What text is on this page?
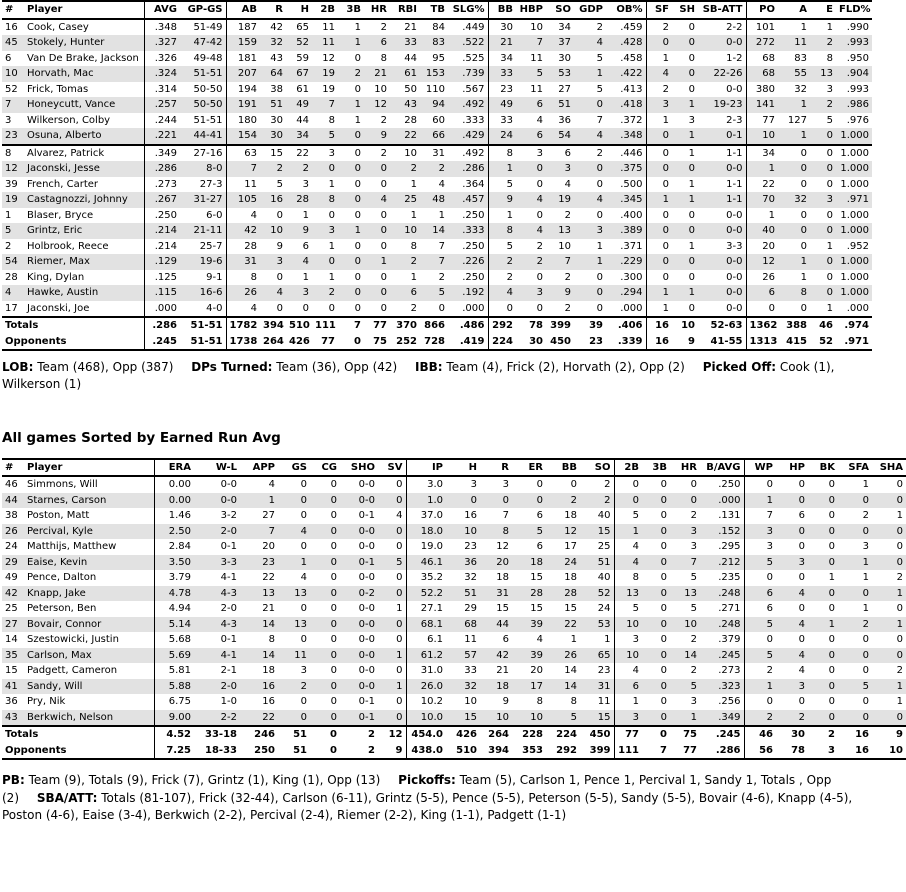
#	Player	AVG	GP-GS	AB	R	H	2B	3B	HR	RBI	TB	SLG%	BB	HBP	SO	GDP	OB%	SF	SH	SB-ATT	PO	A	E	FLD%
16	Cook, Casey	.348	51-49	187	42	65	11	1	2	21	84	.449	30	10	34	2	.459	2	0	2-2	101	1	1	.990
45	Stokely, Hunter	.327	47-42	159	32	52	11	1	6	33	83	.522	21	7	37	4	.428	0	0	0-0	272	11	2	.993
6	Van De Brake, Jackson	.326	49-48	181	43	59	12	0	8	44	95	.525	34	11	30	5	.458	1	0	1-2	68	83	8	.950
10	Horvath, Mac	.324	51-51	207	64	67	19	2	21	61	153	.739	33	5	53	1	.422	4	0	22-26	68	55	13	.904
52	Frick, Tomas	.314	50-50	194	38	61	19	0	10	50	110	.567	23	11	27	5	.413	2	0	0-0	380	32	3	.993
7	Honeycutt, Vance	.257	50-50	191	51	49	7	1	12	43	94	.492	49	6	51	0	.418	3	1	19-23	141	1	2	.986
3	Wilkerson, Colby	.244	51-51	180	30	44	8	1	2	28	60	.333	33	4	36	7	.372	1	3	2-3	77	127	5	.976
23	Osuna, Alberto	.221	44-41	154	30	34	5	0	9	22	66	.429	24	6	54	4	.348	0	1	0-1	10	1	0	1.000
8	Alvarez, Patrick	.349	27-16	63	15	22	3	0	2	10	31	.492	8	3	6	2	.446	0	1	1-1	34	0	0	1.000
12	Jaconski, Jesse	.286	8-0	7	2	2	0	0	0	2	2	.286	1	0	3	0	.375	0	0	0-0	1	0	0	1.000
39	French, Carter	.273	27-3	11	5	3	1	0	0	1	4	.364	5	0	4	0	.500	0	1	1-1	22	0	0	1.000
19	Castagnozzi, Johnny	.267	31-27	105	16	28	8	0	4	25	48	.457	9	4	19	4	.345	1	1	1-1	70	32	3	.971
1	Blaser, Bryce	.250	6-0	4	0	1	0	0	0	1	1	.250	1	0	2	0	.400	0	0	0-0	1	0	0	1.000
5	Grintz, Eric	.214	21-11	42	10	9	3	1	0	10	14	.333	8	4	13	3	.389	0	0	0-0	40	0	0	1.000
2	Holbrook, Reece	.214	25-7	28	9	6	1	0	0	8	7	.250	5	2	10	1	.371	0	1	3-3	20	0	1	.952
54	Riemer, Max	.129	19-6	31	3	4	0	0	1	2	7	.226	2	2	7	1	.229	0	0	0-0	12	1	0	1.000
28	King, Dylan	.125	9-1	8	0	1	1	0	0	1	2	.250	2	0	2	0	.300	0	0	0-0	26	1	0	1.000
4	Hawke, Austin	.115	16-6	26	4	3	2	0	0	6	5	.192	4	3	9	0	.294	1	1	0-0	6	8	0	1.000
17	Jaconski, Joe	.000	4-0	4	0	0	0	0	0	2	0	.000	0	0	2	0	.000	1	0	0-0	0	0	1	.000
Totals		.286	51-51	1782	394	510	111	7	77	370	866	.486	292	78	399	39	.406	16	10	52-63	1362	388	46	.974
Opponents		.245	51-51	1738	264	426	77	0	75	252	728	.419	224	30	450	23	.339	16	9	41-55	1313	415	52	.971
LOB: Team (468), Opp (387) DPs Turned: Team (36), Opp (42) IBB: Team (4), Frick (2), Horvath (2), Opp (2) Picked Off: Cook (1), Wilkerson (1)
All games Sorted by Earned Run Avg
#	Player	ERA	W-L	APP	GS	CG	SHO	SV	IP	H	R	ER	BB	SO	2B	3B	HR	B/AVG	WP	HP	BK	SFA	SHA
46	Simmons, Will	0.00	0-0	4	0	0	0-0	0	3.0	3	3	0	0	2	0	0	0	.250	0	0	0	1	0
44	Starnes, Carson	0.00	0-0	1	0	0	0-0	0	1.0	0	0	0	2	2	0	0	0	.000	1	0	0	0	0
38	Poston, Matt	1.46	3-2	27	0	0	0-1	4	37.0	16	7	6	18	40	5	0	2	.131	7	6	0	2	1
26	Percival, Kyle	2.50	2-0	7	4	0	0-0	0	18.0	10	8	5	12	15	1	0	3	.152	3	0	0	0	0
24	Matthijs, Matthew	2.84	0-1	20	0	0	0-0	0	19.0	23	12	6	17	25	4	0	3	.295	3	0	0	3	0
29	Eaise, Kevin	3.50	3-3	23	1	0	0-1	5	46.1	36	20	18	24	51	4	0	7	.212	5	3	0	1	0
49	Pence, Dalton	3.79	4-1	22	4	0	0-0	0	35.2	32	18	15	18	40	8	0	5	.235	0	0	1	1	2
42	Knapp, Jake	4.78	4-3	13	13	0	0-2	0	52.2	51	31	28	28	52	13	0	13	.248	6	4	0	0	1
25	Peterson, Ben	4.94	2-0	21	0	0	0-0	1	27.1	29	15	15	15	24	5	0	5	.271	6	0	0	1	0
27	Bovair, Connor	5.14	4-3	14	13	0	0-0	0	68.1	68	44	39	22	53	10	0	10	.248	5	4	1	2	1
14	Szestowicki, Justin	5.68	0-1	8	0	0	0-0	0	6.1	11	6	4	1	1	3	0	2	.379	0	0	0	0	0
35	Carlson, Max	5.69	4-1	14	11	0	0-0	1	61.2	57	42	39	26	65	10	0	14	.245	5	4	0	0	0
15	Padgett, Cameron	5.81	2-1	18	3	0	0-0	0	31.0	33	21	20	14	23	4	0	2	.273	2	4	0	0	2
41	Sandy, Will	5.88	2-0	16	2	0	0-0	1	26.0	32	18	17	14	31	6	0	5	.323	1	3	0	5	1
36	Pry, Nik	6.75	1-0	16	0	0	0-1	0	10.2	10	9	8	8	11	1	0	3	.256	0	0	0	0	1
43	Berkwich, Nelson	9.00	2-2	22	0	0	0-1	0	10.0	15	10	10	5	15	3	0	1	.349	2	2	0	0	0
Totals		4.52	33-18	246	51	0	2	12	454.0	426	264	228	224	450	77	0	75	.245	46	30	2	16	9
Opponents		7.25	18-33	250	51	0	2	9	438.0	510	394	353	292	399	111	7	77	.286	56	78	3	16	10
PB: Team (9), Totals (9), Frick (7), Grintz (1), King (1), Opp (13) Pickoffs: Team (5), Carlson 1, Pence 1, Percival 1, Sandy 1, Totals , Opp (2) SBA/ATT: Totals (81-107), Frick (32-44), Carlson (6-11), Grintz (5-5), Pence (5-5), Peterson (5-5), Sandy (5-5), Bovair (4-6), Knapp (4-5), Poston (4-6), Eaise (3-4), Berkwich (2-2), Percival (2-4), Riemer (2-2), King (1-1), Padgett (1-1)
